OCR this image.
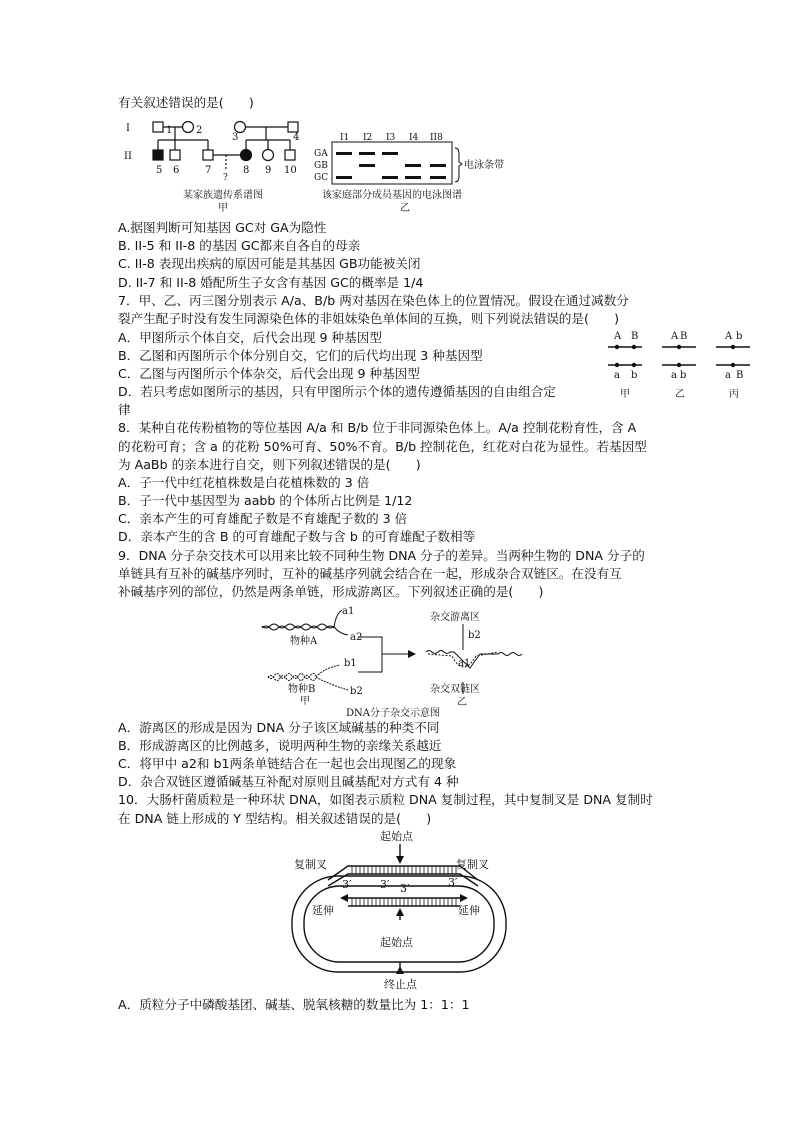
有关叙述错误的是(　　)
I
II
1 2
3	4
5 6	7	8 9 10
?
某家族遗传系谱图
甲
I1 I2 I3 I4 II8
GA
GB
GC
电泳条带
该家庭部分成员基因的电泳图谱
乙
A.据图判断可知基因 GC对 GA为隐性
B. II-5 和 II-8 的基因 GC都来自各自的母亲
C. II-8 表现出疾病的原因可能是其基因 GB功能被关闭
D. II-7 和 II-8 婚配所生子女含有基因 GC的概率是 1/4
7．甲、乙、丙三图分别表示 A/a、B/b 两对基因在染色体上的位置情况。假设在通过减数分
裂产生配子时没有发生同源染色体的非姐妹染色单体间的互换，则下列说法错误的是(　　)
A．甲图所示个体自交，后代会出现 9 种基因型
B．乙图和丙图所示个体分别自交，它们的后代均出现 3 种基因型
C．乙图与丙图所示个体杂交，后代会出现 9 种基因型
D．若只考虑如图所示的基因，只有甲图所示个体的遗传遵循基因的自由组合定
律
A B
a b
A B
a b
A b
a B
甲	乙	丙
8．某种自花传粉植物的等位基因 A/a 和 B/b 位于非同源染色体上。A/a 控制花粉育性，含 A
的花粉可育；含 a 的花粉 50%可育、50%不育。B/b 控制花色，红花对白花为显性。若基因型
为 AaBb 的亲本进行自交，则下列叙述错误的是(　　)
A．子一代中红花植株数是白花植株数的 3 倍
B．子一代中基因型为 aabb 的个体所占比例是 1/12
C．亲本产生的可育雄配子数是不育雄配子数的 3 倍
D．亲本产生的含 B 的可育雄配子数与含 b 的可育雄配子数相等
9．DNA 分子杂交技术可以用来比较不同种生物 DNA 分子的差异。当两种生物的 DNA 分子的
单链具有互补的碱基序列时，互补的碱基序列就会结合在一起，形成杂合双链区。在没有互
补碱基序列的部位，仍然是两条单链，形成游离区。下列叙述正确的是(　　)
a1
a2
b1
b2
b2
a1
物种A
物种B
甲
杂交游离区
杂交双链区
乙
DNA分子杂交示意图
A．游离区的形成是因为 DNA 分子该区域碱基的种类不同
B．形成游离区的比例越多，说明两种生物的亲缘关系越近
C．将甲中 a2和 b1两条单链结合在一起也会出现图乙的现象
D．杂合双链区遵循碱基互补配对原则且碱基配对方式有 4 种
10．大肠杆菌质粒是一种环状 DNA，如图表示质粒 DNA 复制过程，其中复制叉是 DNA 复制时
在 DNA 链上形成的 Y 型结构。相关叙述错误的是(　　)
起始点
复制叉	复制叉
延伸	延伸
起始点
终止点
3′	3′ 3′	3′
A．质粒分子中磷酸基团、碱基、脱氧核糖的数量比为 1：1：1
